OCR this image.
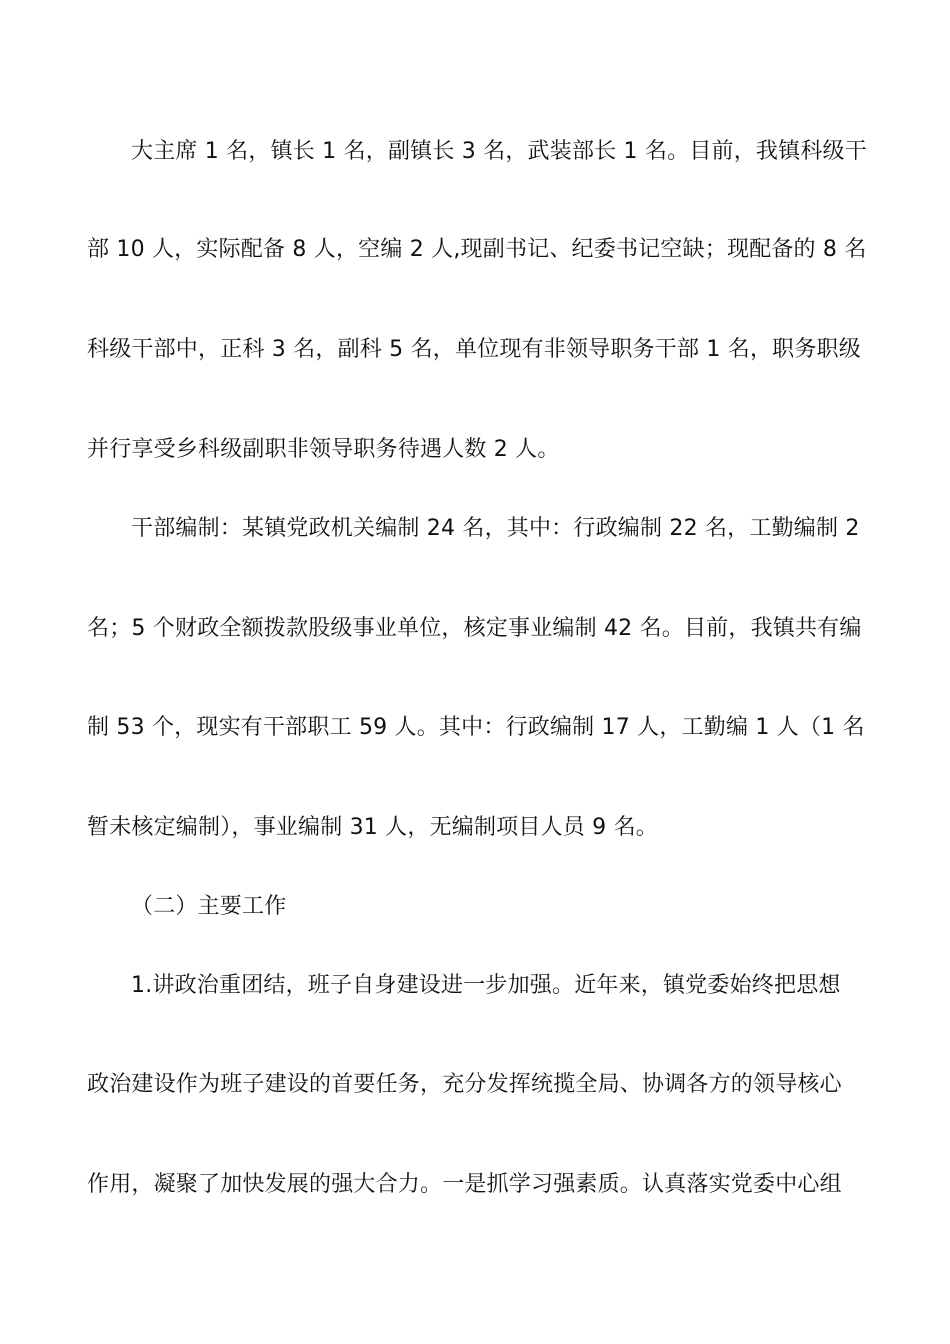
大主席 1 名，镇长 1 名，副镇长 3 名，武装部长 1 名。目前，我镇科级干
部 10 人，实际配备 8 人，空编 2 人,现副书记、纪委书记空缺；现配备的 8 名
科级干部中，正科 3 名，副科 5 名，单位现有非领导职务干部 1 名，职务职级
并行享受乡科级副职非领导职务待遇人数 2 人。
干部编制：某镇党政机关编制 24 名，其中：行政编制 22 名，工勤编制 2
名；5 个财政全额拨款股级事业单位，核定事业编制 42 名。目前，我镇共有编
制 53 个，现实有干部职工 59 人。其中：行政编制 17 人，工勤编 1 人（1 名
暂未核定编制），事业编制 31 人，无编制项目人员 9 名。
（二）主要工作
1.讲政治重团结，班子自身建设进一步加强。近年来，镇党委始终把思想
政治建设作为班子建设的首要任务，充分发挥统揽全局、协调各方的领导核心
作用，凝聚了加快发展的强大合力。一是抓学习强素质。认真落实党委中心组
